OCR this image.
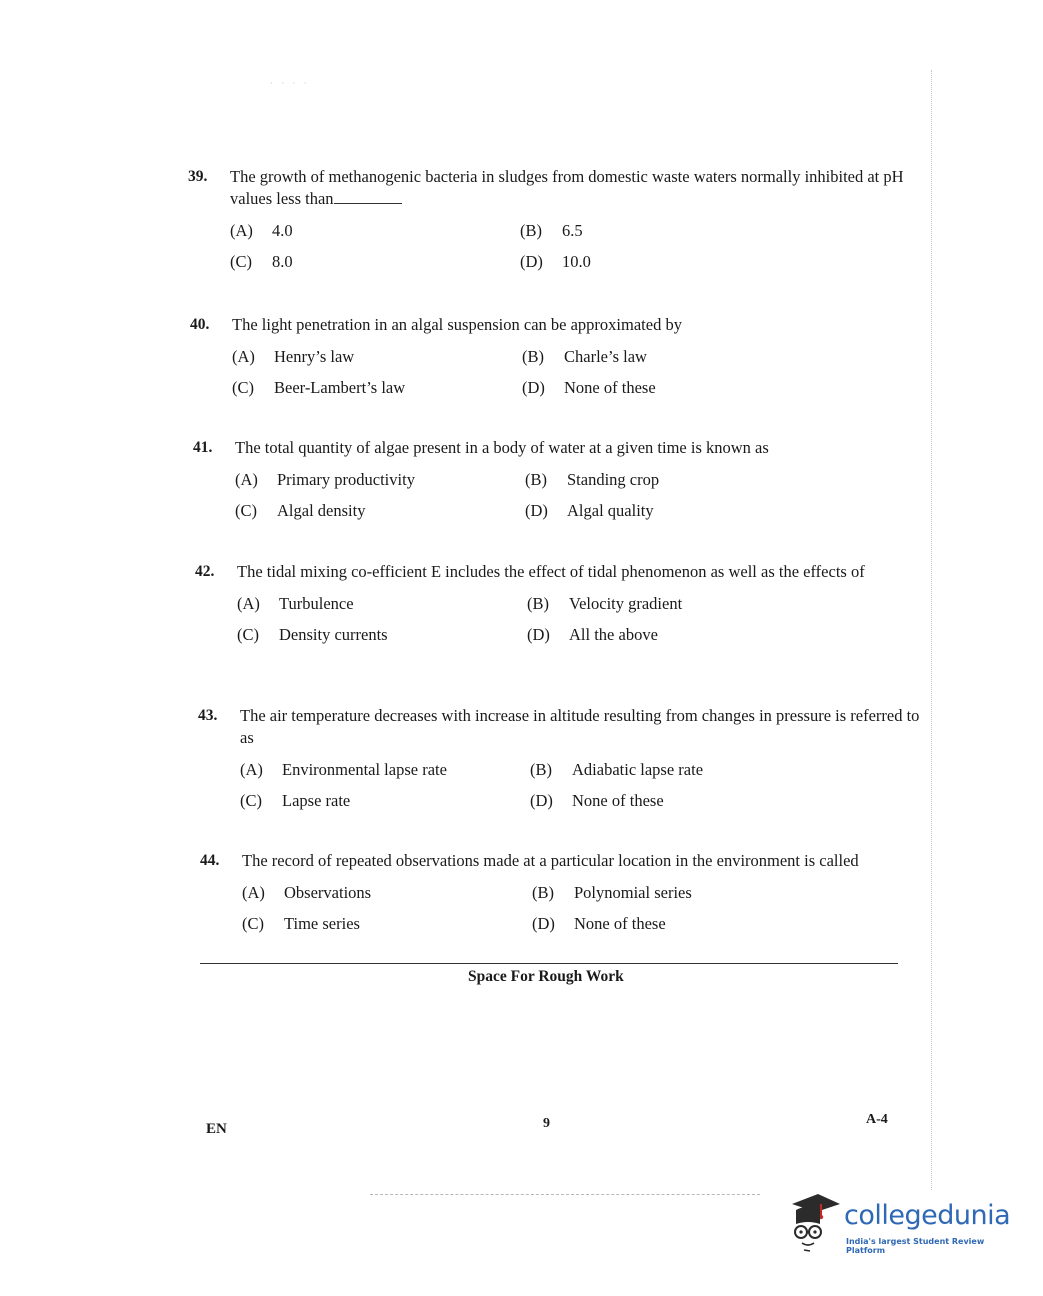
· · · ·
39. The growth of methanogenic bacteria in sludges from domestic waste waters normally inhibited at pH values less than

(A) 4.0	(B) 6.5
(C) 8.0	(D) 10.0
40. The light penetration in an algal suspension can be approximated by

(A) Henry’s law	(B) Charle’s law
(C) Beer-Lambert’s law	(D) None of these
41. The total quantity of algae present in a body of water at a given time is known as

(A) Primary productivity	(B) Standing crop
(C) Algal density	(D) Algal quality
42. The tidal mixing co-efficient E includes the effect of tidal phenomenon as well as the effects of

(A) Turbulence	(B) Velocity gradient
(C) Density currents	(D) All the above
43. The air temperature decreases with increase in altitude resulting from changes in pressure is referred to as

(A) Environmental lapse rate	(B) Adiabatic lapse rate
(C) Lapse rate	(D) None of these
44. The record of repeated observations made at a particular location in the environment is called

(A) Observations	(B) Polynomial series
(C) Time series	(D) None of these
Space For Rough Work
EN	9	A-4
collegedunia
India's largest Student Review Platform
